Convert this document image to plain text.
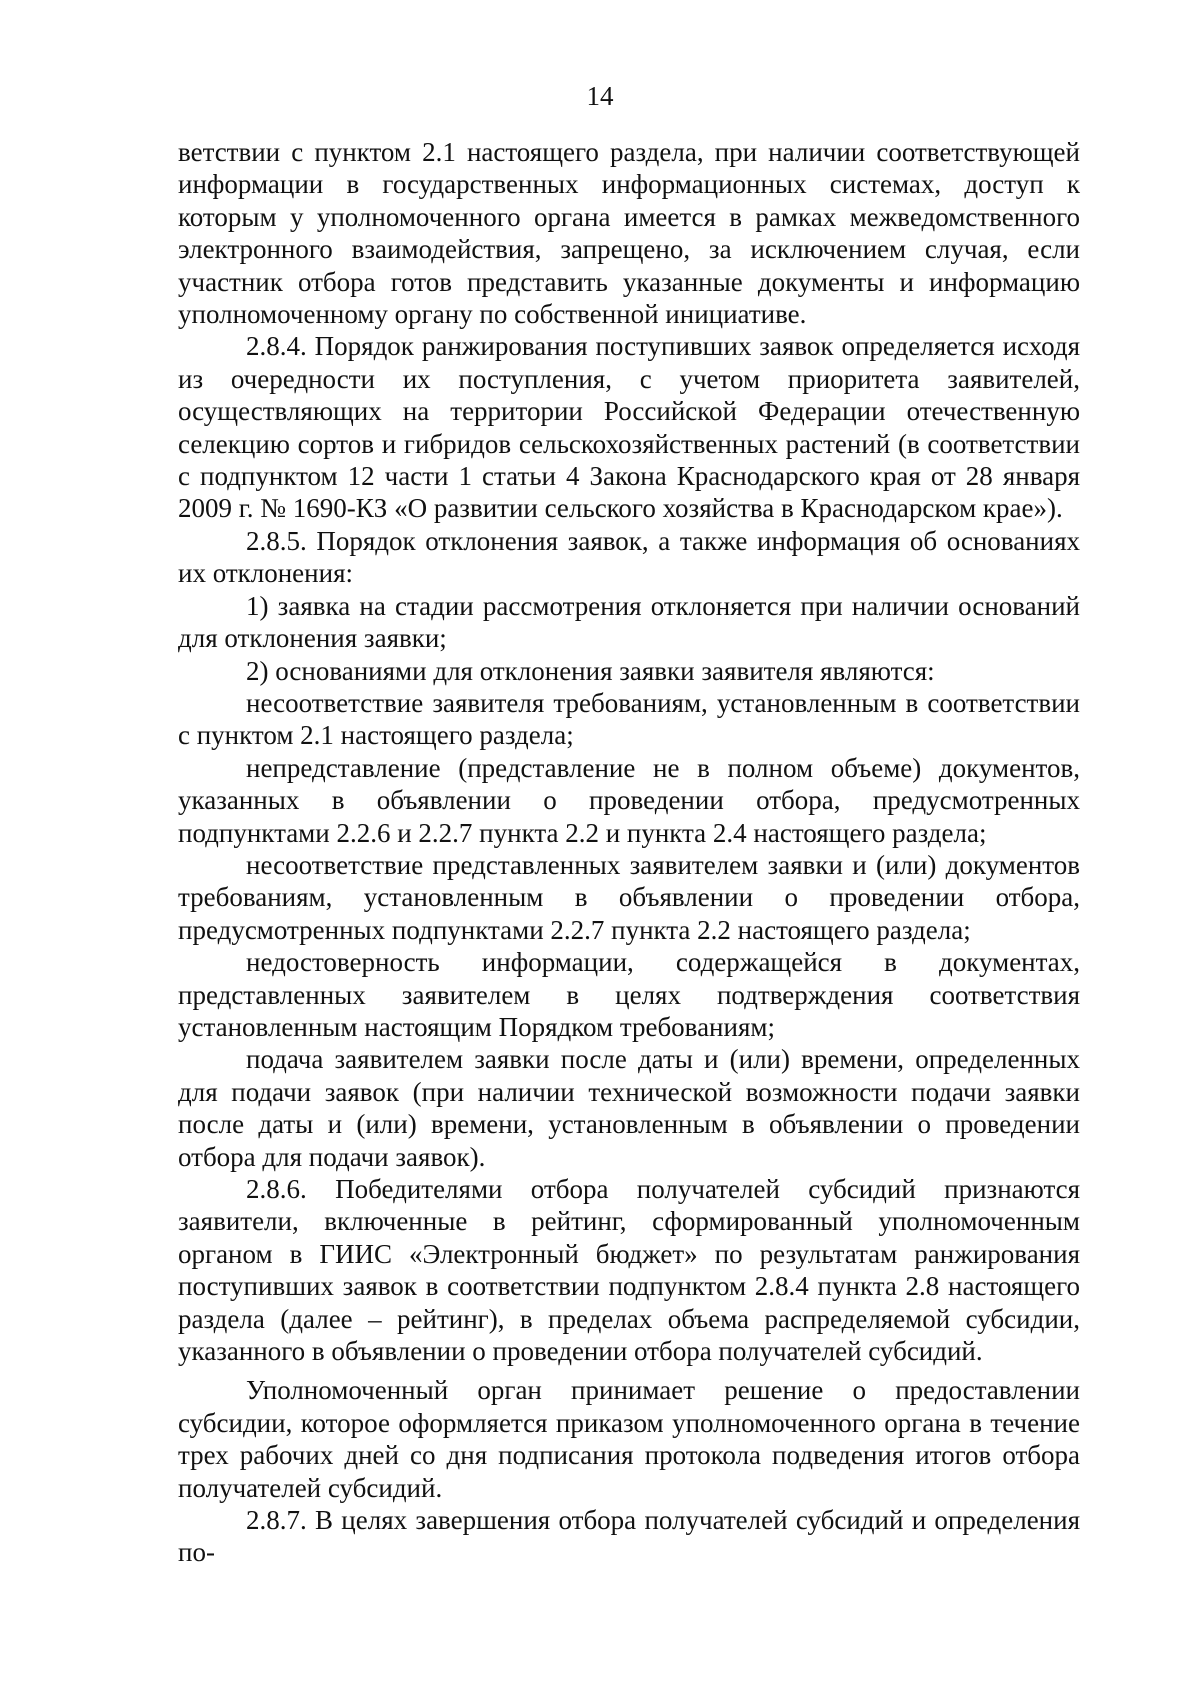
14

ветствии с пунктом 2.1 настоящего раздела, при наличии соответствующей информации в государственных информационных системах, доступ к которым у уполномоченного органа имеется в рамках межведомственного электронного взаимодействия, запрещено, за исключением случая, если участник отбора готов представить указанные документы и информацию уполномоченному органу по собственной инициативе.

2.8.4. Порядок ранжирования поступивших заявок определяется исходя из очередности их поступления, с учетом приоритета заявителей, осуществляющих на территории Российской Федерации отечественную селекцию сортов и гибридов сельскохозяйственных растений (в соответствии с подпунктом 12 части 1 статьи 4 Закона Краснодарского края от 28 января 2009 г. № 1690-КЗ «О развитии сельского хозяйства в Краснодарском крае»).

2.8.5. Порядок отклонения заявок, а также информация об основаниях их отклонения:

1) заявка на стадии рассмотрения отклоняется при наличии оснований для отклонения заявки;

2) основаниями для отклонения заявки заявителя являются:

несоответствие заявителя требованиям, установленным в соответствии с пунктом 2.1 настоящего раздела;

непредставление (представление не в полном объеме) документов, указанных в объявлении о проведении отбора, предусмотренных подпунктами 2.2.6 и 2.2.7 пункта 2.2 и пункта 2.4 настоящего раздела;

несоответствие представленных заявителем заявки и (или) документов требованиям, установленным в объявлении о проведении отбора, предусмотренных подпунктами 2.2.7 пункта 2.2 настоящего раздела;

недостоверность информации, содержащейся в документах, представленных заявителем в целях подтверждения соответствия установленным настоящим Порядком требованиям;

подача заявителем заявки после даты и (или) времени, определенных для подачи заявок (при наличии технической возможности подачи заявки после даты и (или) времени, установленным в объявлении о проведении отбора для подачи заявок).

2.8.6. Победителями отбора получателей субсидий признаются заявители, включенные в рейтинг, сформированный уполномоченным органом в ГИИС «Электронный бюджет» по результатам ранжирования поступивших заявок в соответствии подпунктом 2.8.4 пункта 2.8 настоящего раздела (далее – рейтинг), в пределах объема распределяемой субсидии, указанного в объявлении о проведении отбора получателей субсидий.

Уполномоченный орган принимает решение о предоставлении субсидии, которое оформляется приказом уполномоченного органа в течение трех рабочих дней со дня подписания протокола подведения итогов отбора получателей субсидий.

2.8.7. В целях завершения отбора получателей субсидий и определения по-
